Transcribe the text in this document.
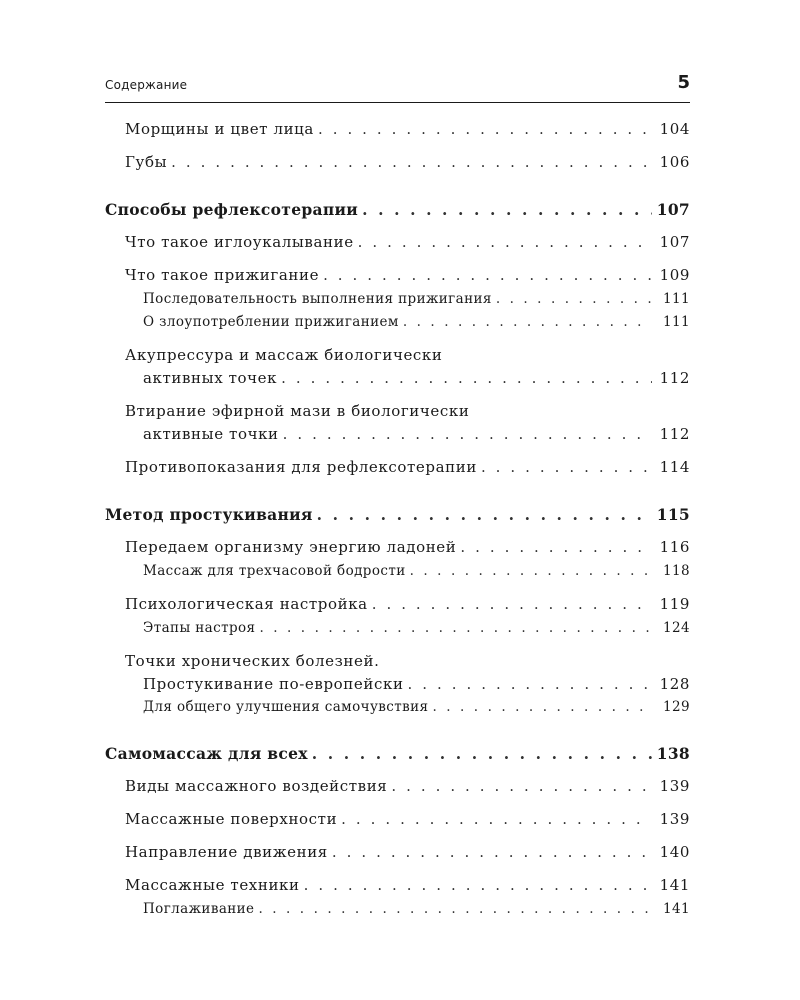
Содержание	5
Морщины и цвет лица . . .	104
Губы . . .	106
Способы рефлексотерапии . . .	107
Что такое иглоукалывание . . .	107
Что такое прижигание . . .	109
Последовательность выполнения прижигания . . .	111
О злоупотреблении прижиганием . . .	111
Акупрессура и массаж биологически
активных точек . . .	112
Втирание эфирной мази в биологически
активные точки . . .	112
Противопоказания для рефлексотерапии . . .	114
Метод простукивания . . .	115
Передаем организму энергию ладоней . . .	116
Массаж для трехчасовой бодрости . . .	118
Психологическая настройка . . .	119
Этапы настроя . . .	124
Точки хронических болезней.
Простукивание по-европейски . . .	128
Для общего улучшения самочувствия . . .	129
Самомассаж для всех . . .	138
Виды массажного воздействия . . .	139
Массажные поверхности . . .	139
Направление движения . . .	140
Массажные техники . . .	141
Поглаживание . . .	141
